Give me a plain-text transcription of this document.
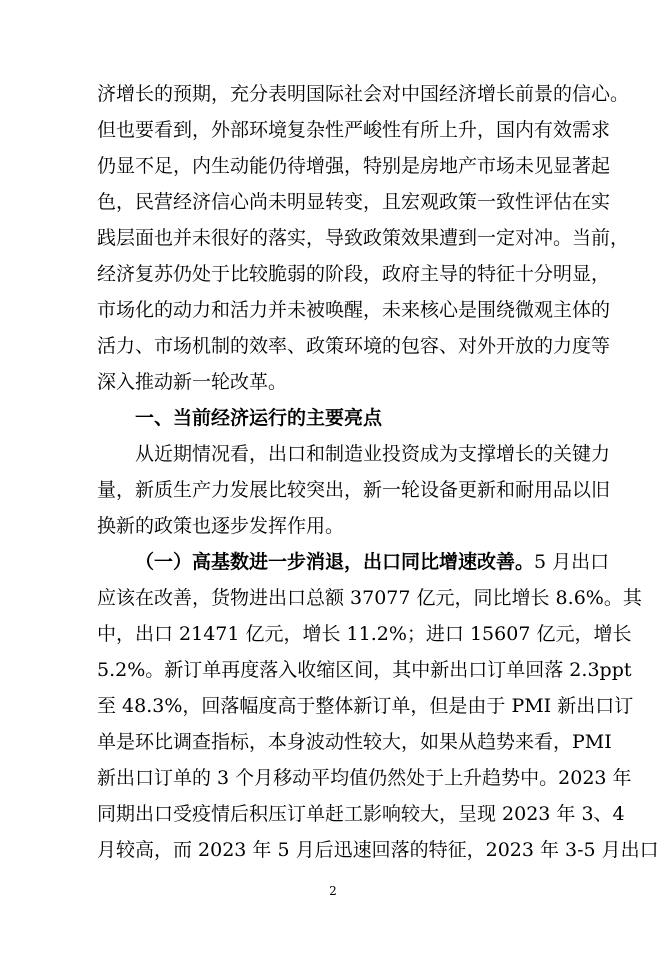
济增长的预期，充分表明国际社会对中国经济增长前景的信心。
但也要看到，外部环境复杂性严峻性有所上升，国内有效需求
仍显不足，内生动能仍待增强，特别是房地产市场未见显著起
色，民营经济信心尚未明显转变，且宏观政策一致性评估在实
践层面也并未很好的落实，导致政策效果遭到一定对冲。当前，
经济复苏仍处于比较脆弱的阶段，政府主导的特征十分明显，
市场化的动力和活力并未被唤醒，未来核心是围绕微观主体的
活力、市场机制的效率、政策环境的包容、对外开放的力度等
深入推动新一轮改革。
一、当前经济运行的主要亮点
从近期情况看，出口和制造业投资成为支撑增长的关键力
量，新质生产力发展比较突出，新一轮设备更新和耐用品以旧
换新的政策也逐步发挥作用。
（一）高基数进一步消退，出口同比增速改善。5 月出口
应该在改善，货物进出口总额 37077 亿元，同比增长 8.6%。其
中，出口 21471 亿元，增长 11.2%；进口 15607 亿元，增长
5.2%。新订单再度落入收缩区间，其中新出口订单回落 2.3ppt
至 48.3%，回落幅度高于整体新订单，但是由于 PMI 新出口订
单是环比调查指标，本身波动性较大，如果从趋势来看，PMI
新出口订单的 3 个月移动平均值仍然处于上升趋势中。2023 年
同期出口受疫情后积压订单赶工影响较大，呈现 2023 年 3、4
2
月较高，而 2023 年 5 月后迅速回落的特征，2023 年 3-5 月出口
